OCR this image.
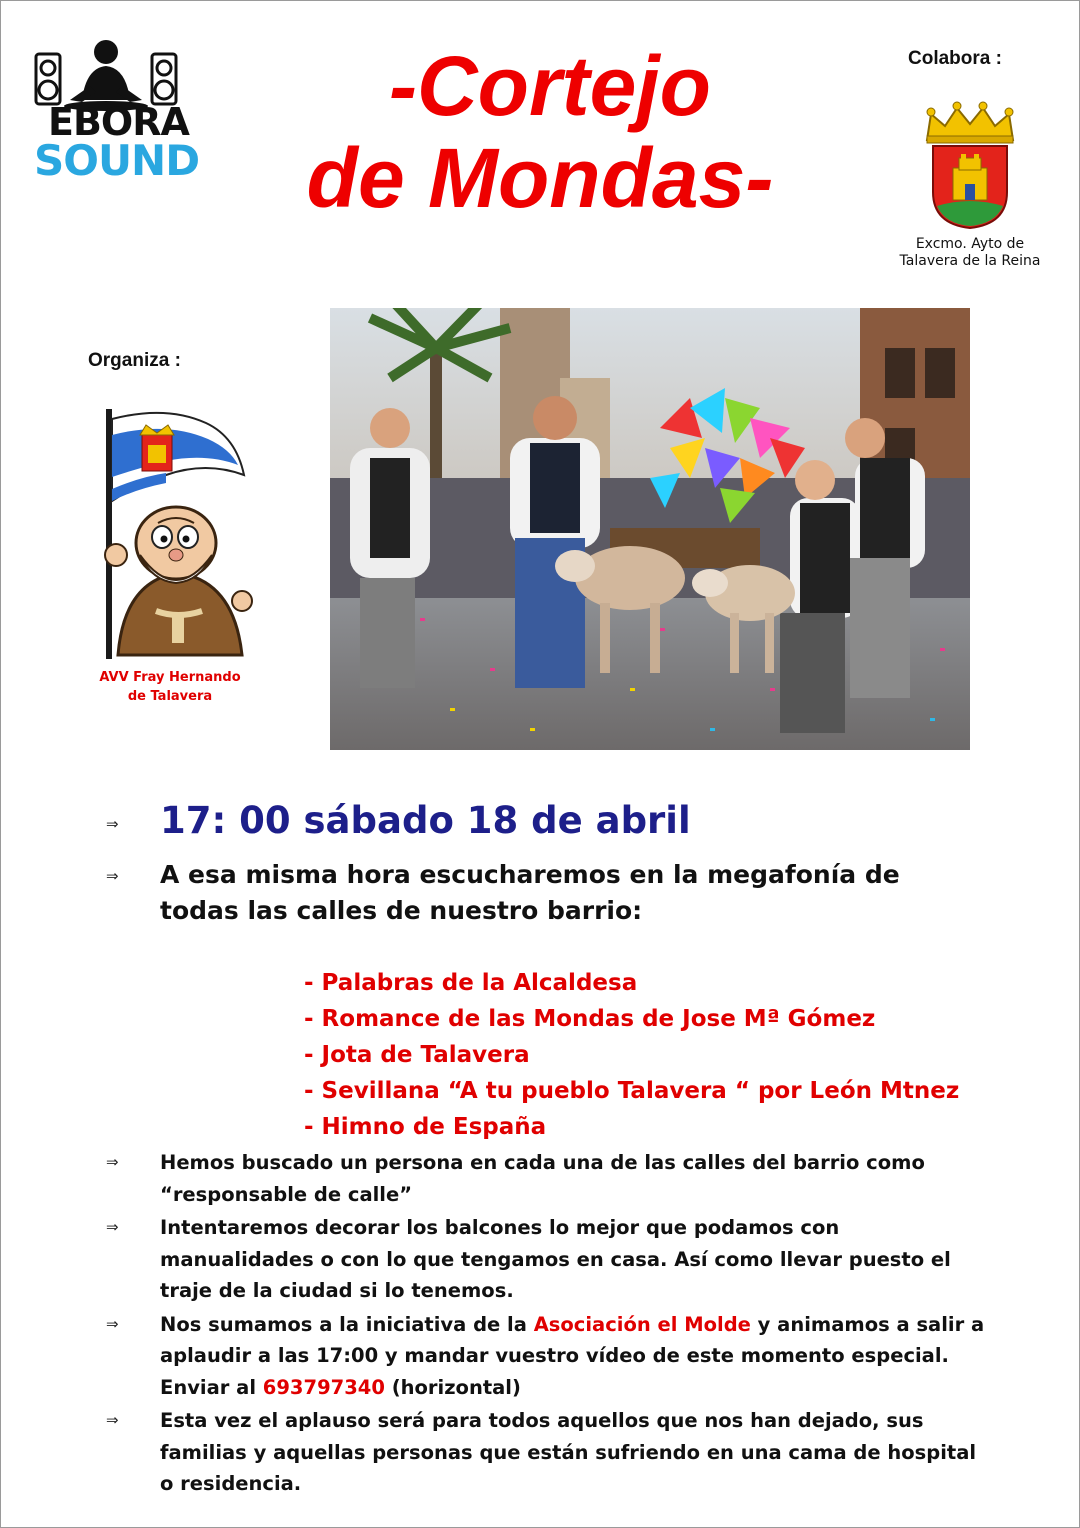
EBORA
SOUND
-Cortejo
de Mondas-
Colabora :
Excmo. Ayto de
Talavera de la Reina
Organiza :
AVV Fray Hernando
de Talavera
⇒ 17: 00 sábado 18 de abril
⇒ A esa misma hora escucharemos en la megafonía de todas las calles de nuestro barrio:
- Palabras de la Alcaldesa
- Romance de las Mondas de Jose Mª Gómez
- Jota de Talavera
- Sevillana “A tu pueblo Talavera “ por León Mtnez
- Himno de España
⇒ Hemos buscado un persona en cada una de las calles del barrio como “responsable de calle”
⇒ Intentaremos decorar los balcones lo mejor que podamos con manualidades o con lo que tengamos en casa. Así como llevar puesto el traje de la ciudad si lo tenemos.
⇒ Nos sumamos a la iniciativa de la Asociación el Molde y animamos a salir a aplaudir a las 17:00 y mandar vuestro vídeo de este momento especial. Enviar al 693797340 (horizontal)
⇒ Esta vez el aplauso será para todos aquellos que nos han dejado, sus familias y aquellas personas que están sufriendo en una cama de hospital o residencia.
